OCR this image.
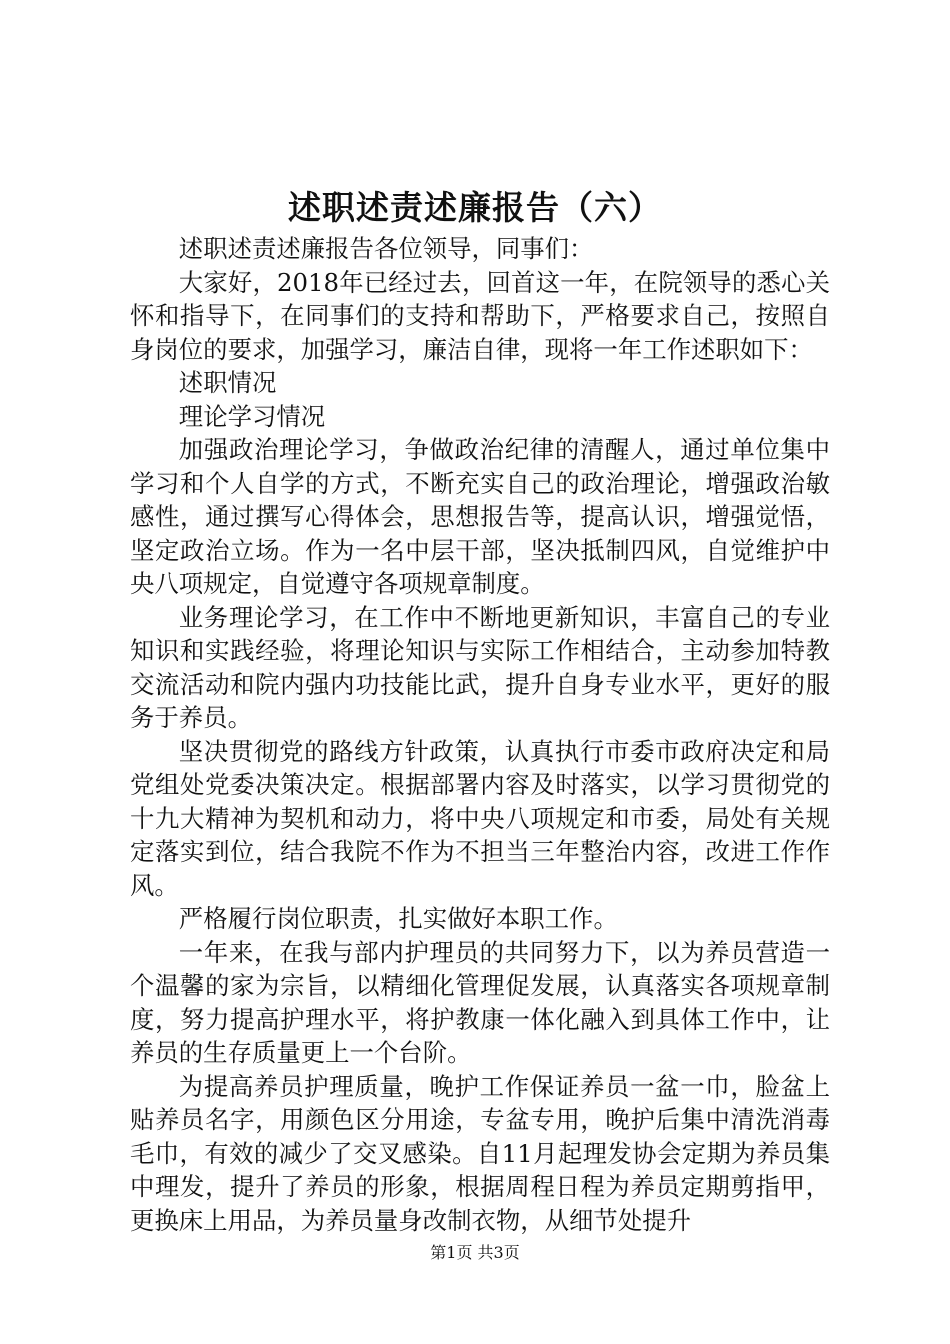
述职述责述廉报告（六）

述职述责述廉报告各位领导，同事们：

大家好，2018年已经过去，回首这一年，在院领导的悉心关怀和指导下，在同事们的支持和帮助下，严格要求自己，按照自身岗位的要求，加强学习，廉洁自律，现将一年工作述职如下：

述职情况

理论学习情况

加强政治理论学习，争做政治纪律的清醒人，通过单位集中学习和个人自学的方式，不断充实自己的政治理论，增强政治敏感性，通过撰写心得体会，思想报告等，提高认识，增强觉悟，坚定政治立场。作为一名中层干部，坚决抵制四风，自觉维护中央八项规定，自觉遵守各项规章制度。

业务理论学习，在工作中不断地更新知识，丰富自己的专业知识和实践经验，将理论知识与实际工作相结合，主动参加特教交流活动和院内强内功技能比武，提升自身专业水平，更好的服务于养员。

坚决贯彻党的路线方针政策，认真执行市委市政府决定和局党组处党委决策决定。根据部署内容及时落实，以学习贯彻党的十九大精神为契机和动力，将中央八项规定和市委，局处有关规定落实到位，结合我院不作为不担当三年整治内容，改进工作作风。

严格履行岗位职责，扎实做好本职工作。

一年来，在我与部内护理员的共同努力下，以为养员营造一个温馨的家为宗旨，以精细化管理促发展，认真落实各项规章制度，努力提高护理水平，将护教康一体化融入到具体工作中，让养员的生存质量更上一个台阶。

为提高养员护理质量，晚护工作保证养员一盆一巾，脸盆上贴养员名字，用颜色区分用途，专盆专用，晚护后集中清洗消毒毛巾，有效的减少了交叉感染。自11月起理发协会定期为养员集中理发，提升了养员的形象，根据周程日程为养员定期剪指甲，更换床上用品，为养员量身改制衣物，从细节处提升

第1页 共3页
